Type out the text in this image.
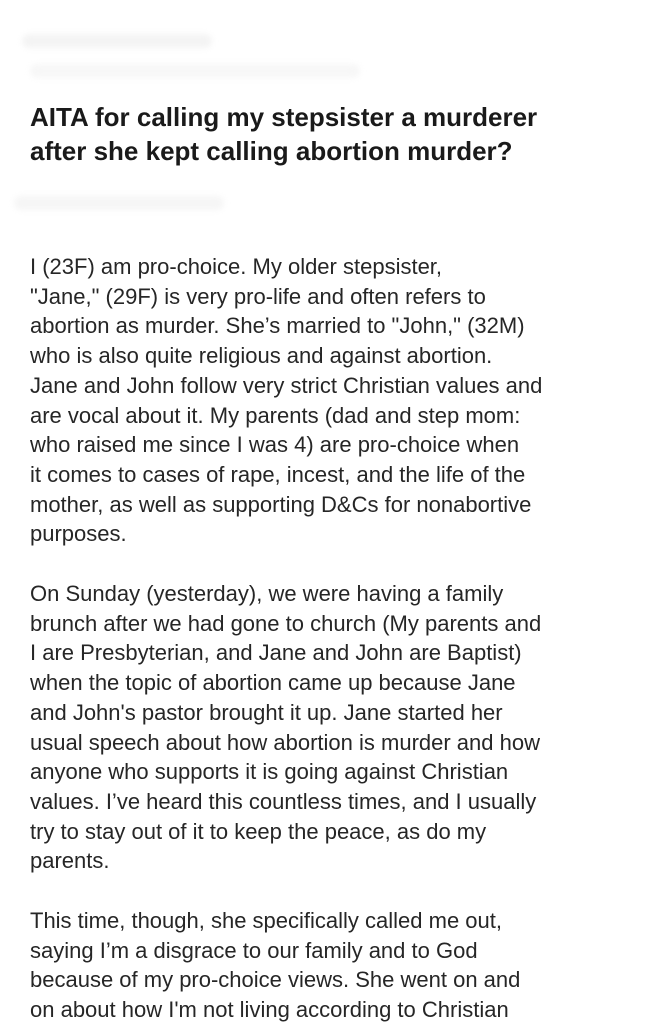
AITA for calling my stepsister a murderer
after she kept calling abortion murder?

I (23F) am pro-choice. My older stepsister,
"Jane," (29F) is very pro-life and often refers to
abortion as murder. She’s married to "John," (32M)
who is also quite religious and against abortion.
Jane and John follow very strict Christian values and
are vocal about it. My parents (dad and step mom:
who raised me since I was 4) are pro-choice when
it comes to cases of rape, incest, and the life of the
mother, as well as supporting D&Cs for nonabortive
purposes.

On Sunday (yesterday), we were having a family
brunch after we had gone to church (My parents and
I are Presbyterian, and Jane and John are Baptist)
when the topic of abortion came up because Jane
and John's pastor brought it up. Jane started her
usual speech about how abortion is murder and how
anyone who supports it is going against Christian
values. I’ve heard this countless times, and I usually
try to stay out of it to keep the peace, as do my
parents.

This time, though, she specifically called me out,
saying I’m a disgrace to our family and to God
because of my pro-choice views. She went on and
on about how I'm not living according to Christian
